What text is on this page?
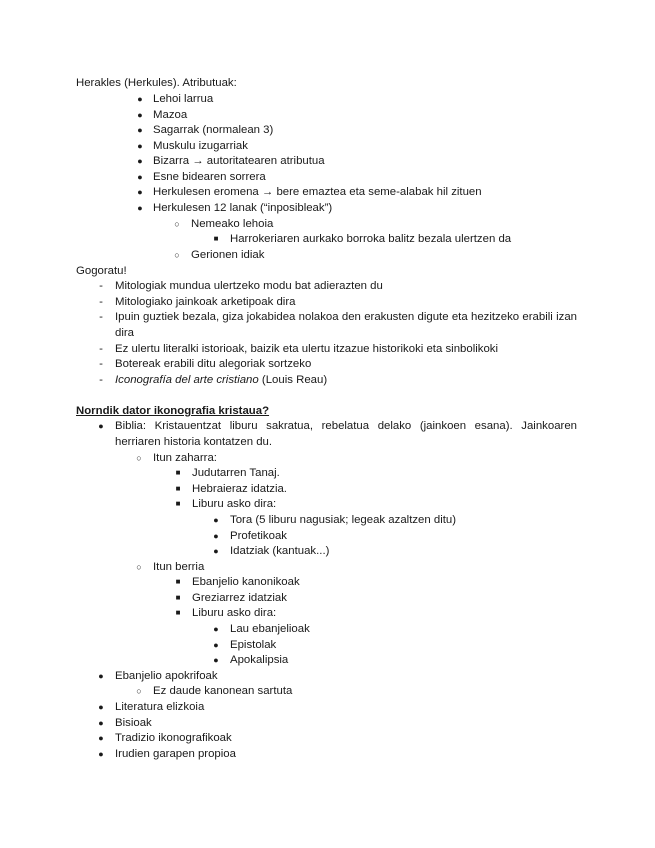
Herakles (Herkules). Atributuak:
● Lehoi larrua
● Mazoa
● Sagarrak (normalean 3)
● Muskulu izugarriak
● Bizarra → autoritatearen atributua
● Esne bidearen sorrera
● Herkulesen eromena → bere emaztea eta seme-alabak hil zituen
● Herkulesen 12 lanak (“inposibleak”)
○ Nemeako lehoia
■ Harrokeriaren aurkako borroka balitz bezala ulertzen da
○ Gerionen idiak
Gogoratu!
- Mitologiak mundua ulertzeko modu bat adierazten du
- Mitologiako jainkoak arketipoak dira
- Ipuin guztiek bezala, giza jokabidea nolakoa den erakusten digute eta hezitzeko erabili izan dira
- Ez ulertu literalki istorioak, baizik eta ulertu itzazue historikoki eta sinbolikoki
- Botereak erabili ditu alegoriak sortzeko
- Iconografía del arte cristiano (Louis Reau)
Norndik dator ikonografia kristaua?
● Biblia: Kristauentzat liburu sakratua, rebelatua delako (jainkoen esana). Jainkoaren herriaren historia kontatzen du.
○ Itun zaharra:
■ Judutarren Tanaj.
■ Hebraieraz idatzia.
■ Liburu asko dira:
● Tora (5 liburu nagusiak; legeak azaltzen ditu)
● Profetikoak
● Idatziak (kantuak...)
○ Itun berria
■ Ebanjelio kanonikoak
■ Greziarrez idatziak
■ Liburu asko dira:
● Lau ebanjelioak
● Epistolak
● Apokalipsia
● Ebanjelio apokrifoak
○ Ez daude kanonean sartuta
● Literatura elizkoia
● Bisioak
● Tradizio ikonografikoak
● Irudien garapen propioa
